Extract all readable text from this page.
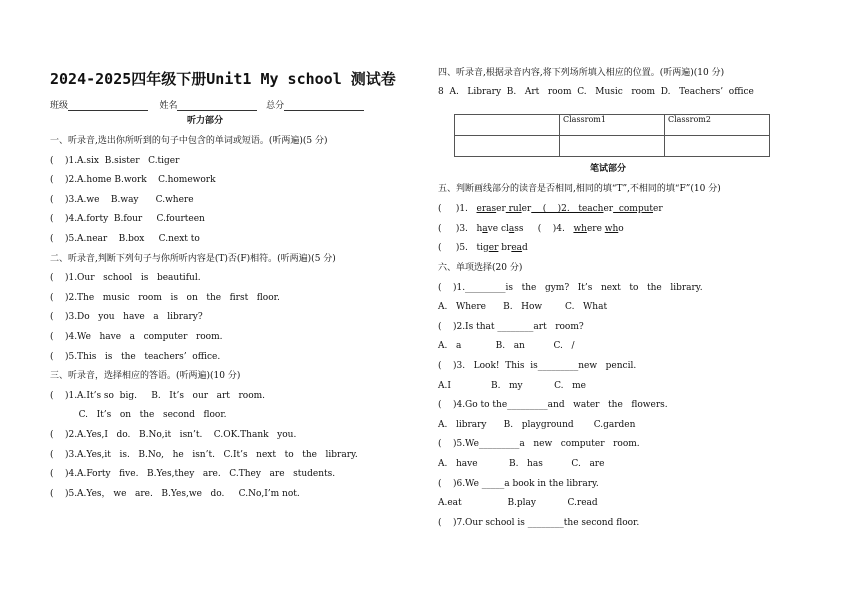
2024-2025四年级下册Unit1 My school 测试卷
班级	姓名	总分
听力部分
一、听录音,选出你所听到的句子中包含的单词或短语。(听两遍)(5 分)
(    )1.A.six  B.sister   C.tiger
(    )2.A.home B.work    C.homework
(    )3.A.we    B.way      C.where
(    )4.A.forty  B.four     C.fourteen
(    )5.A.near    B.box     C.next to
二、听录音,判断下列句子与你所听内容是(T)否(F)相符。(听两遍)(5 分)
(    )1.Our   school   is   beautiful.
(    )2.The   music   room   is   on   the   first   floor.
(    )3.Do   you   have   a   library?
(    )4.We   have   a   computer   room.
(    )5.This   is   the   teachers’  office.
三、听录音，选择相应的答语。(听两遍)(10 分)
(    )1.A.It’s so  big.     B.   It’s   our   art   room.
C.   It’s   on   the   second   floor.
(    )2.A.Yes,I   do.   B.No,it   isn’t.    C.OK.Thank   you.
(    )3.A.Yes,it   is.   B.No,   he   isn’t.   C.It’s   next   to   the   library.
(    )4.A.Forty   five.   B.Yes,they   are.   C.They   are   students.
(    )5.A.Yes， we   are.   B.Yes,we   do.     C.No,I’m not.
四、听录音,根据录音内容,将下列场所填入相应的位置。(听两遍)(10 分)
8  A.   Library  B.   Art   room  C.   Music   room  D.   Teachers’  office
	Classrom1	Classrom2

笔试部分
五、判断画线部分的读音是否相同,相同的填“T”,不相同的填“F”(10 分)
(     )1.   eraser ruler    (    )2.   teacher  computer
(     )3.   have class     (    )4.   where who
(     )5.   tiger bread
六、单项选择(20 分)
(    )1._________is   the   gym?   It’s   next   to   the   library.
A.   Where      B.   How        C.   What
(    )2.Is that ________art   room?
A.   a            B.   an          C.   /
(    )3.   Look!  This  is_________new   pencil.
A.I              B.   my           C.   me
(    )4.Go to the_________and   water   the   flowers.
A.   library      B.   playground       C.garden
(    )5.We_________a   new   computer   room.
A.   have           B.   has          C.   are
(    )6.We _____a book in the library.
A.eat                B.play           C.read
(    )7.Our school is ________the second floor.
